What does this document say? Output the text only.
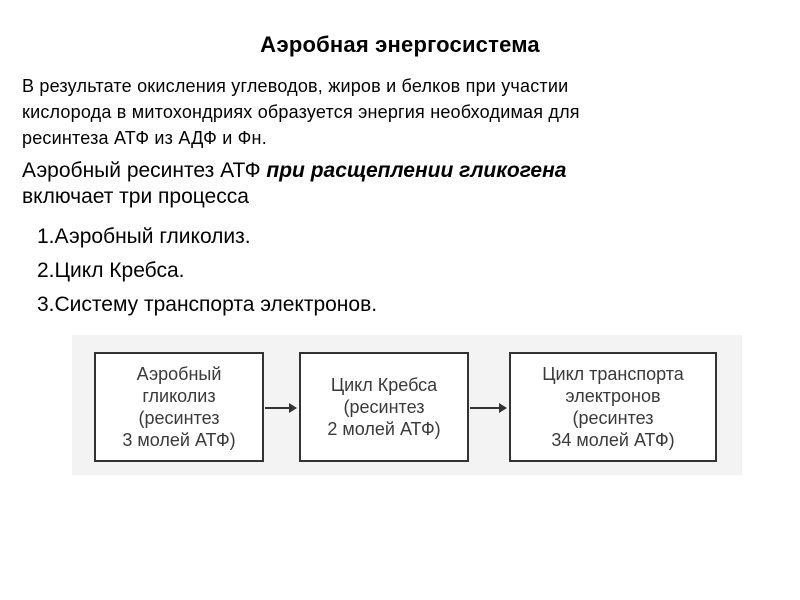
Аэробная энергосистема
В результате окисления углеводов, жиров и белков при участии
кислорода в митохондриях образуется энергия необходимая для
ресинтеза АТФ из АДФ и Фн.
Аэробный ресинтез АТФ при расщеплении гликогена
включает три процесса
1.Аэробный гликолиз.
2.Цикл Кребса.
3.Систему транспорта электронов.
Аэробный
гликолиз
(ресинтез
3 молей АТФ)
Цикл Кребса
(ресинтез
2 молей АТФ)
Цикл транспорта
электронов
(ресинтез
34 молей АТФ)
